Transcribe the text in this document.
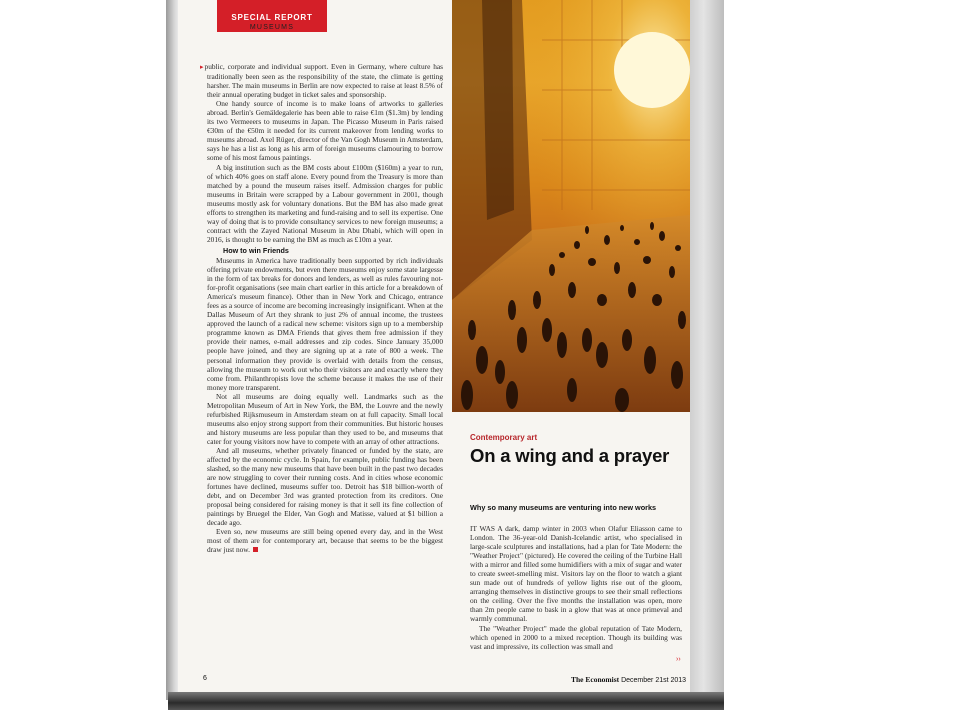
SPECIAL REPORT
MUSEUMS

▸public, corporate and individual support. Even in Germany, where culture has traditionally been seen as the responsibility of the state, the climate is getting harsher. The main museums in Berlin are now expected to raise at least 8.5% of their annual operating budget in ticket sales and sponsorship.

One handy source of income is to make loans of artworks to galleries abroad. Berlin's Gemäldegalerie has been able to raise €1m ($1.3m) by lending its two Vermeeers to museums in Japan. The Picasso Museum in Paris raised €30m of the €50m it needed for its current makeover from lending works to museums abroad. Axel Rüger, director of the Van Gogh Museum in Amsterdam, says he has a list as long as his arm of foreign museums clamouring to borrow some of his most famous paintings.

A big institution such as the BM costs about £100m ($160m) a year to run, of which 40% goes on staff alone. Every pound from the Treasury is more than matched by a pound the museum raises itself. Admission charges for public museums in Britain were scrapped by a Labour government in 2001, though museums mostly ask for voluntary donations. But the BM has also made great efforts to strengthen its marketing and fund-raising and to sell its expertise. One way of doing that is to provide consultancy services to new foreign museums; a contract with the Zayed National Museum in Abu Dhabi, which will open in 2016, is thought to be earning the BM as much as £10m a year.

How to win Friends

Museums in America have traditionally been supported by rich individuals offering private endowments, but even there museums enjoy some state largesse in the form of tax breaks for donors and lenders, as well as rules favouring not-for-profit organisations (see main chart earlier in this article for a breakdown of America's museum finance). Other than in New York and Chicago, entrance fees as a source of income are becoming increasingly insignificant. When at the Dallas Museum of Art they shrank to just 2% of annual income, the trustees approved the launch of a radical new scheme: visitors sign up to a membership programme known as DMA Friends that gives them free admission if they provide their names, e-mail addresses and zip codes. Since January 35,000 people have joined, and they are signing up at a rate of 800 a week. The personal information they provide is overlaid with details from the census, allowing the museum to work out who their visitors are and exactly where they come from. Philanthropists love the scheme because it makes the use of their money more transparent.

Not all museums are doing equally well. Landmarks such as the Metropolitan Museum of Art in New York, the BM, the Louvre and the newly refurbished Rijksmuseum in Amsterdam steam on at full capacity. Small local museums also enjoy strong support from their communities. But historic houses and history museums are less popular than they used to be, and museums that cater for young visitors now have to compete with an array of other attractions.

And all museums, whether privately financed or funded by the state, are affected by the economic cycle. In Spain, for example, public funding has been slashed, so the many new museums that have been built in the past two decades are now struggling to cover their running costs. And in cities whose economic fortunes have declined, museums suffer too. Detroit has $18 billion-worth of debt, and on December 3rd was granted protection from its creditors. One proposal being considered for raising money is that it sell its fine collection of paintings by Bruegel the Elder, Van Gogh and Matisse, valued at $1 billion a decade ago.

Even so, new museums are still being opened every day, and in the West most of them are for contemporary art, because that seems to be the biggest draw just now.

Contemporary art
On a wing and a prayer
Why so many museums are venturing into new works

IT WAS A dark, damp winter in 2003 when Olafur Eliasson came to London. The 36-year-old Danish-Icelandic artist, who specialised in large-scale sculptures and installations, had a plan for Tate Modern: the "Weather Project" (pictured). He covered the ceiling of the Turbine Hall with a mirror and filled some humidifiers with a mix of sugar and water to create sweet-smelling mist. Visitors lay on the floor to watch a giant sun made out of hundreds of yellow lights rise out of the gloom, arranging themselves in distinctive groups to see their small reflections on the ceiling. Over the five months the installation was open, more than 2m people came to bask in a glow that was at once primeval and warmly communal.

The "Weather Project" made the global reputation of Tate Modern, which opened in 2000 to a mixed reception. Though its building was vast and impressive, its collection was small and

››
6	The Economist December 21st 2013
